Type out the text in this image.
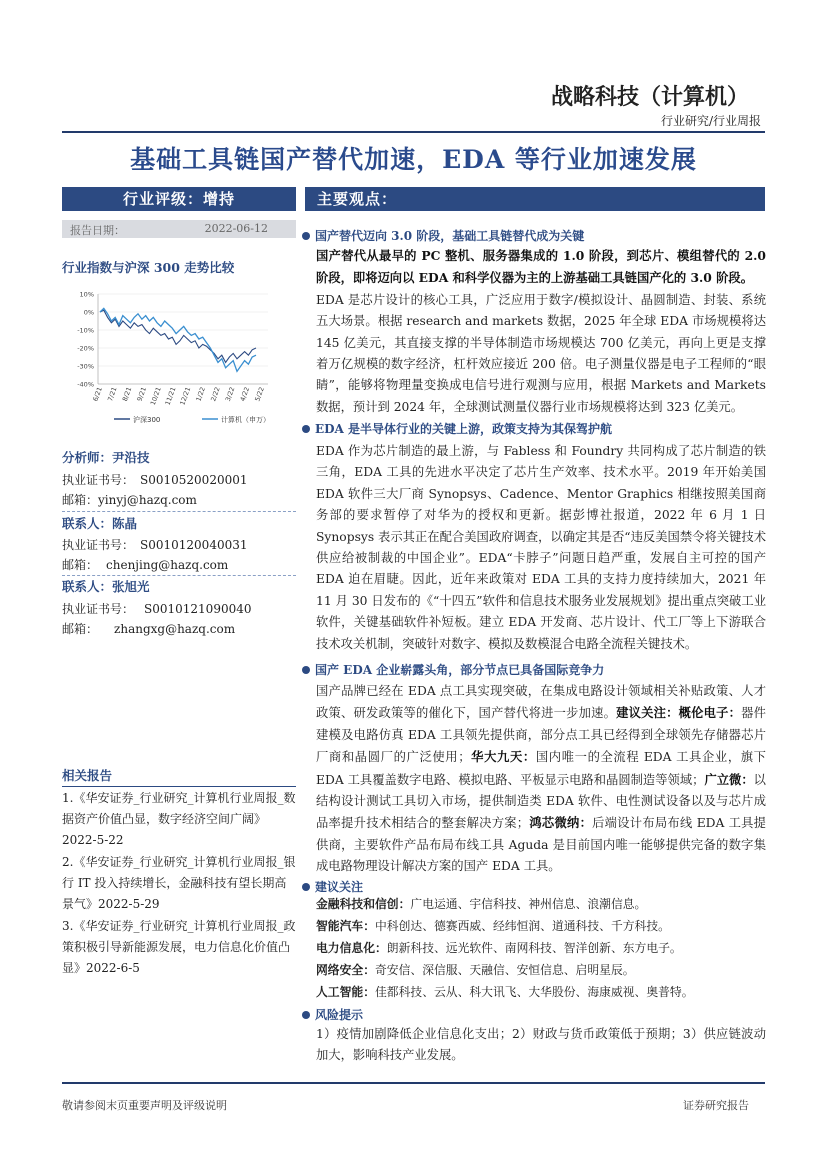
战略科技（计算机）
行业研究/行业周报
基础工具链国产替代加速，EDA 等行业加速发展
行业评级：增持
报告日期：	2022-06-12
行业指数与沪深 300 走势比较
10%
0%
-10%
-20%
-30%
-40%
6/21 7/21 8/21 9/21 10/21 11/21 12/21 1/22 2/22 3/22 4/22 5/22
沪深300	计算机（申万）
分析师：尹沿技
执业证书号： S0010520020001
邮箱：yinyj@hazq.com
联系人：陈晶
执业证书号： S0010120040031
邮箱： chenjing@hazq.com
联系人：张旭光
执业证书号： S0010121090040
邮箱： zhangxg@hazq.com
相关报告
1.《华安证券_行业研究_计算机行业周报_数据资产价值凸显，数字经济空间广阔》2022-5-22
2.《华安证券_行业研究_计算机行业周报_银行 IT 投入持续增长，金融科技有望长期高景气》2022-5-29
3.《华安证券_行业研究_计算机行业周报_政策积极引导新能源发展，电力信息化价值凸显》2022-6-5
主要观点：
国产替代迈向 3.0 阶段，基础工具链替代成为关键
国产替代从最早的 PC 整机、服务器集成的 1.0 阶段，到芯片、模组替代的 2.0 阶段，即将迈向以 EDA 和科学仪器为主的上游基础工具链国产化的 3.0 阶段。
EDA 是芯片设计的核心工具，广泛应用于数字/模拟设计、晶圆制造、封装、系统五大场景。根据 research and markets 数据，2025 年全球 EDA 市场规模将达 145 亿美元，其直接支撑的半导体制造市场规模达 700 亿美元，再向上更是支撑着万亿规模的数字经济，杠杆效应接近 200 倍。电子测量仪器是电子工程师的“眼睛”，能够将物理量变换成电信号进行观测与应用，根据 Markets and Markets 数据，预计到 2024 年，全球测试测量仪器行业市场规模将达到 323 亿美元。
EDA 是半导体行业的关键上游，政策支持为其保驾护航
EDA 作为芯片制造的最上游，与 Fabless 和 Foundry 共同构成了芯片制造的铁三角，EDA 工具的先进水平决定了芯片生产效率、技术水平。2019 年开始美国 EDA 软件三大厂商 Synopsys、Cadence、Mentor Graphics 相继按照美国商务部的要求暂停了对华为的授权和更新。据彭博社报道，2022 年 6 月 1 日 Synopsys 表示其正在配合美国政府调查，以确定其是否“违反美国禁令将关键技术供应给被制裁的中国企业”。EDA“卡脖子”问题日趋严重，发展自主可控的国产 EDA 迫在眉睫。因此，近年来政策对 EDA 工具的支持力度持续加大，2021 年 11 月 30 日发布的《“十四五”软件和信息技术服务业发展规划》提出重点突破工业软件，关键基础软件补短板。建立 EDA 开发商、芯片设计、代工厂等上下游联合技术攻关机制，突破针对数字、模拟及数模混合电路全流程关键技术。
国产 EDA 企业崭露头角，部分节点已具备国际竞争力
国产品牌已经在 EDA 点工具实现突破，在集成电路设计领域相关补贴政策、人才政策、研发政策等的催化下，国产替代将进一步加速。建议关注：概伦电子：器件建模及电路仿真 EDA 工具领先提供商，部分点工具已经得到全球领先存储器芯片厂商和晶圆厂的广泛使用；华大九天：国内唯一的全流程 EDA 工具企业，旗下 EDA 工具覆盖数字电路、模拟电路、平板显示电路和晶圆制造等领域；广立微：以结构设计测试工具切入市场，提供制造类 EDA 软件、电性测试设备以及与芯片成品率提升技术相结合的整套解决方案；鸿芯微纳：后端设计布局布线 EDA 工具提供商，主要软件产品布局布线工具 Aguda 是目前国内唯一能够提供完备的数字集成电路物理设计解决方案的国产 EDA 工具。
建议关注
金融科技和信创：广电运通、宇信科技、神州信息、浪潮信息。
智能汽车：中科创达、德赛西威、经纬恒润、道通科技、千方科技。
电力信息化：朗新科技、远光软件、南网科技、智洋创新、东方电子。
网络安全：奇安信、深信服、天融信、安恒信息、启明星辰。
人工智能：佳都科技、云从、科大讯飞、大华股份、海康威视、奥普特。
风险提示
1）疫情加剧降低企业信息化支出；2）财政与货币政策低于预期；3）供应链波动加大，影响科技产业发展。
敬请参阅末页重要声明及评级说明	证券研究报告
